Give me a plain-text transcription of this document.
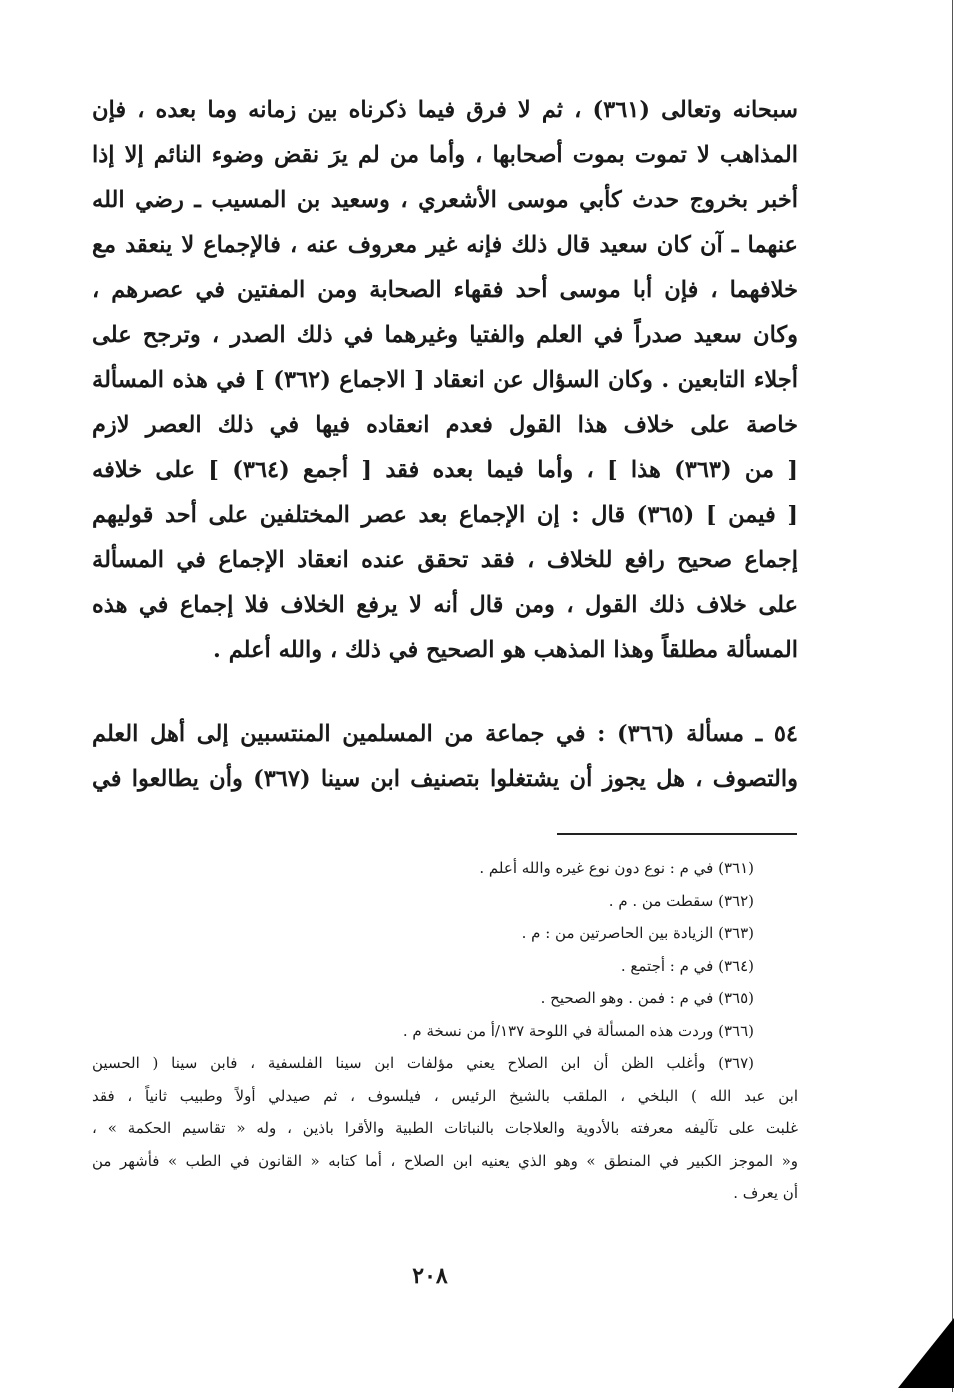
سبحانه وتعالى (٣٦١) ، ثم لا فرق فيما ذكرناه بين زمانه وما بعده ، فإن

المذاهب لا تموت بموت أصحابها ، وأما من لم يرَ نقض وضوء النائم إلا إذا

أخبر بخروج حدث كأبي موسى الأشعري ، وسعيد بن المسيب ـ رضي الله

عنهما ـ آن كان سعيد قال ذلك فإنه غير معروف عنه ، فالإجماع لا ينعقد مع

خلافهما ، فإن أبا موسى أحد فقهاء الصحابة ومن المفتين في عصرهم ،

وكان سعيد صدراً في العلم والفتيا وغيرهما في ذلك الصدر ، وترجح على

أجلاء التابعين . وكان السؤال عن انعقاد [ الاجماع (٣٦٢) ] في هذه المسألة

خاصة على خلاف هذا القول فعدم انعقاده فيها في ذلك العصر لازم

[ من (٣٦٣) هذا ] ، وأما فيما بعده فقد [ أجمع (٣٦٤) ] على خلافه

[ فيمن ] (٣٦٥) قال : إن الإجماع بعد عصر المختلفين على أحد قوليهم

إجماع صحيح رافع للخلاف ، فقد تحقق عنده انعقاد الإجماع في المسألة

على خلاف ذلك القول ، ومن قال أنه لا يرفع الخلاف فلا إجماع في هذه

المسألة مطلقاً وهذا المذهب هو الصحيح في ذلك ، والله أعلم .

٥٤ ـ مسألة (٣٦٦) : في جماعة من المسلمين المنتسبين إلى أهل العلم

والتصوف ، هل يجوز أن يشتغلوا بتصنيف ابن سينا (٣٦٧) وأن يطالعوا في

(٣٦١) في م : نوع دون نوع غيره والله أعلم .

(٣٦٢) سقطت من . م .

(٣٦٣) الزيادة بين الحاصرتين من : م .

(٣٦٤) في م : أجتمع .

(٣٦٥) في م : فمن . وهو الصحيح .

(٣٦٦) وردت هذه المسألة في اللوحة ١٣٧/أ من نسخة م .

(٣٦٧) وأغلب الظن أن ابن الصلاح يعني مؤلفات ابن سينا الفلسفية ، فابن سينا ( الحسين

ابن عبد الله ) البلخي ، الملقب بالشيخ الرئيس ، فيلسوف ، ثم صيدلي أولاً وطبيب ثانياً ، فقد

غلبت على تآليفه معرفته بالأدوية والعلاجات بالنباتات الطبية والأقرا باذين ، وله « تقاسيم الحكمة » ،

و« الموجز الكبير في المنطق » وهو الذي يعنيه ابن الصلاح ، أما كتابه « القانون في الطب » فأشهر من

أن يعرف .

٢٠٨
